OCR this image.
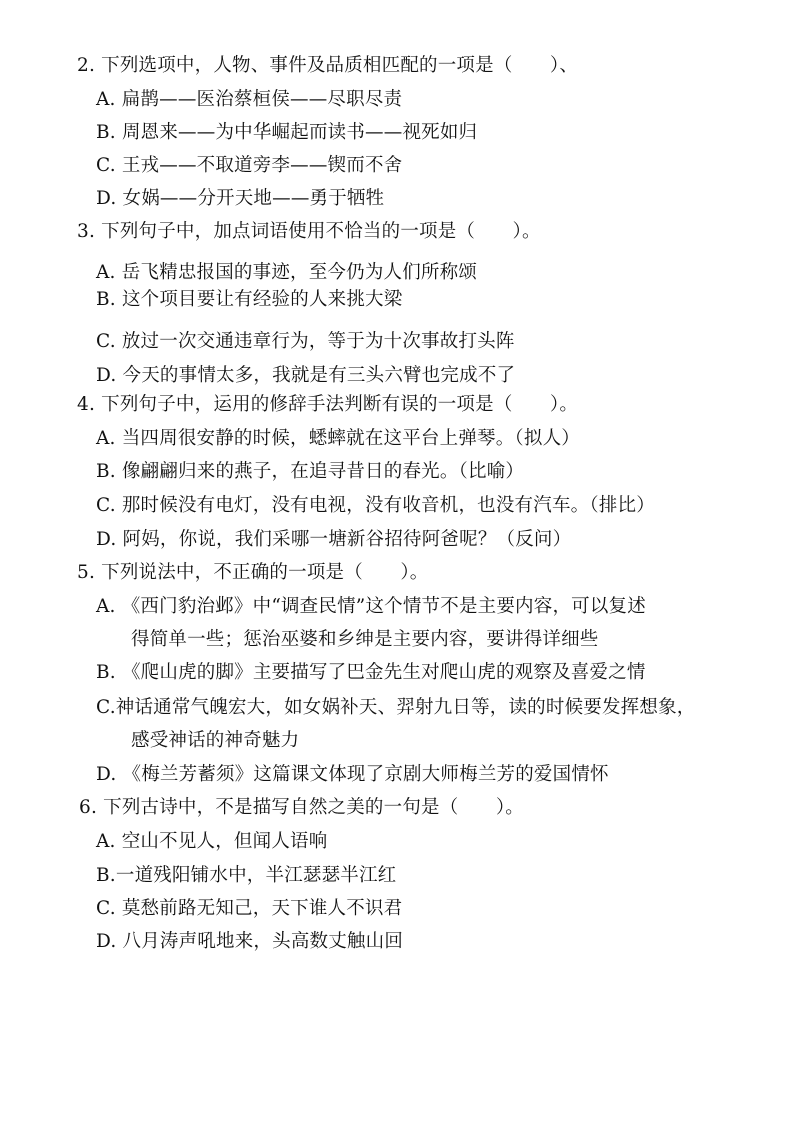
2. 下列选项中，人物、事件及品质相匹配的一项是（　　）、
A. 扁鹊——医治蔡桓侯——尽职尽责
B. 周恩来——为中华崛起而读书——视死如归
C. 王戎——不取道旁李——锲而不舍
D. 女娲——分开天地——勇于牺牲
3. 下列句子中，加点词语使用不恰当的一项是（　　）。
A. 岳飞精忠报国的事迹，至今仍为人们所称颂
B. 这个项目要让有经验的人来挑大梁
C. 放过一次交通违章行为，等于为十次事故打头阵
D. 今天的事情太多，我就是有三头六臂也完成不了
4. 下列句子中，运用的修辞手法判断有误的一项是（　　）。
A. 当四周很安静的时候，蟋蟀就在这平台上弹琴。（拟人）
B. 像翩翩归来的燕子，在追寻昔日的春光。（比喻）
C. 那时候没有电灯，没有电视，没有收音机，也没有汽车。（排比）
D. 阿妈，你说，我们采哪一塘新谷招待阿爸呢？（反问）
5. 下列说法中，不正确的一项是（　　）。
A. 《西门豹治邺》中“调查民情”这个情节不是主要内容，可以复述
得简单一些；惩治巫婆和乡绅是主要内容，要讲得详细些
B. 《爬山虎的脚》主要描写了巴金先生对爬山虎的观察及喜爱之情
C.神话通常气魄宏大，如女娲补天、羿射九日等，读的时候要发挥想象，
感受神话的神奇魅力
D. 《梅兰芳蓄须》这篇课文体现了京剧大师梅兰芳的爱国情怀
6. 下列古诗中，不是描写自然之美的一句是（　　）。
A. 空山不见人，但闻人语响
B.一道残阳铺水中，半江瑟瑟半江红
C. 莫愁前路无知己，天下谁人不识君
D. 八月涛声吼地来，头高数丈触山回
